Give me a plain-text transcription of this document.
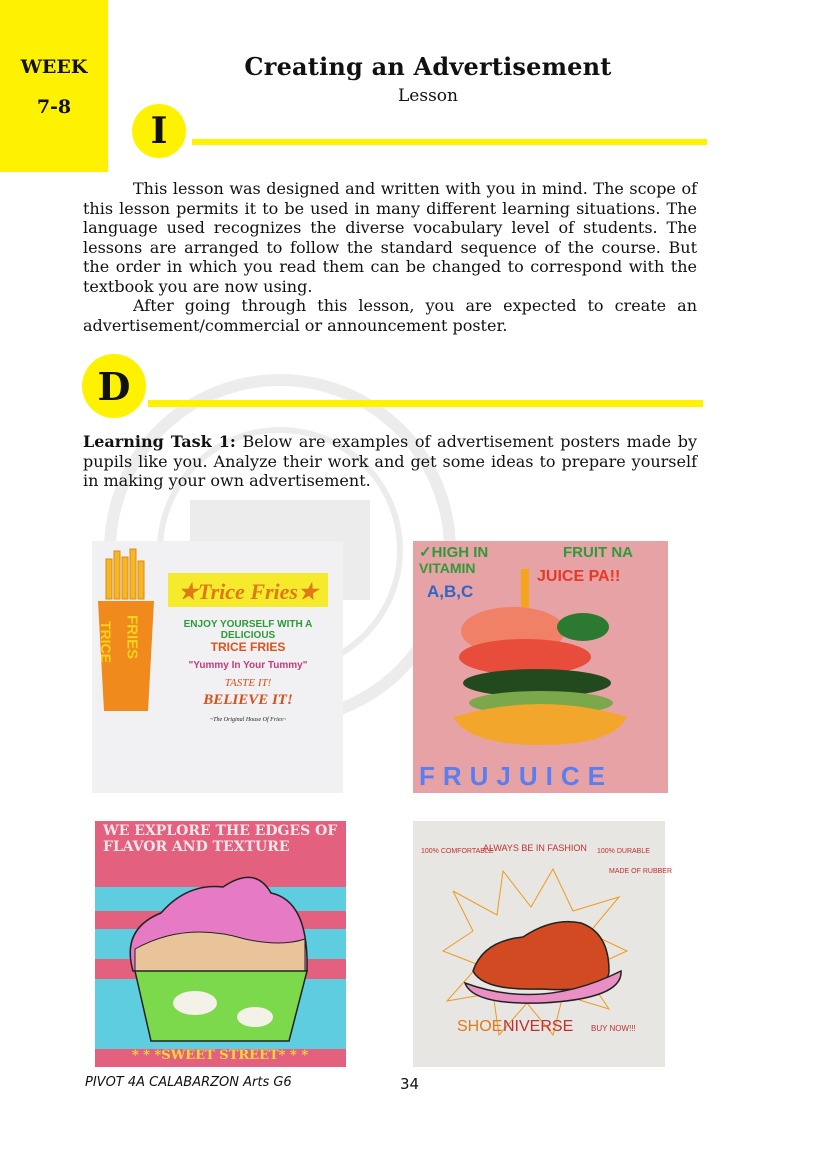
WEEK
7-8
Creating an Advertisement
Lesson
I

This lesson was designed and written with you in mind. The scope of this lesson permits it to be used in many different learning situations. The language used recognizes the diverse vocabulary level of students. The lessons are arranged to follow the standard sequence of the course. But the order in which you read them can be changed to correspond with the textbook you are now using.

After going through this lesson, you are expected to create an advertisement/commercial or announcement poster.

D
Learning Task 1: Below are examples of advertisement posters made by pupils like you. Analyze their work and get some ideas to prepare yourself in making your own advertisement.
TRICE FRIES
★Trice Fries★
ENJOY YOURSELF WITH A
DELICIOUS
TRICE FRIES
"Yummy In Your Tummy"
TASTE IT!
BELIEVE IT!
~The Original House Of Fries~
✓HIGH IN
VITAMIN
A,B,C
FRUIT NA
JUICE PA!!
FRUJUICE
WE EXPLORE THE EDGES OF FLAVOR AND TEXTURE
* * *SWEET STREET* * *
100% COMFORTABLE
ALWAYS BE IN FASHION 100% DURABLE
MADE OF RUBBER
SHOE NIVERSE BUY NOW!!!
PIVOT 4A CALABARZON Arts G6	34
